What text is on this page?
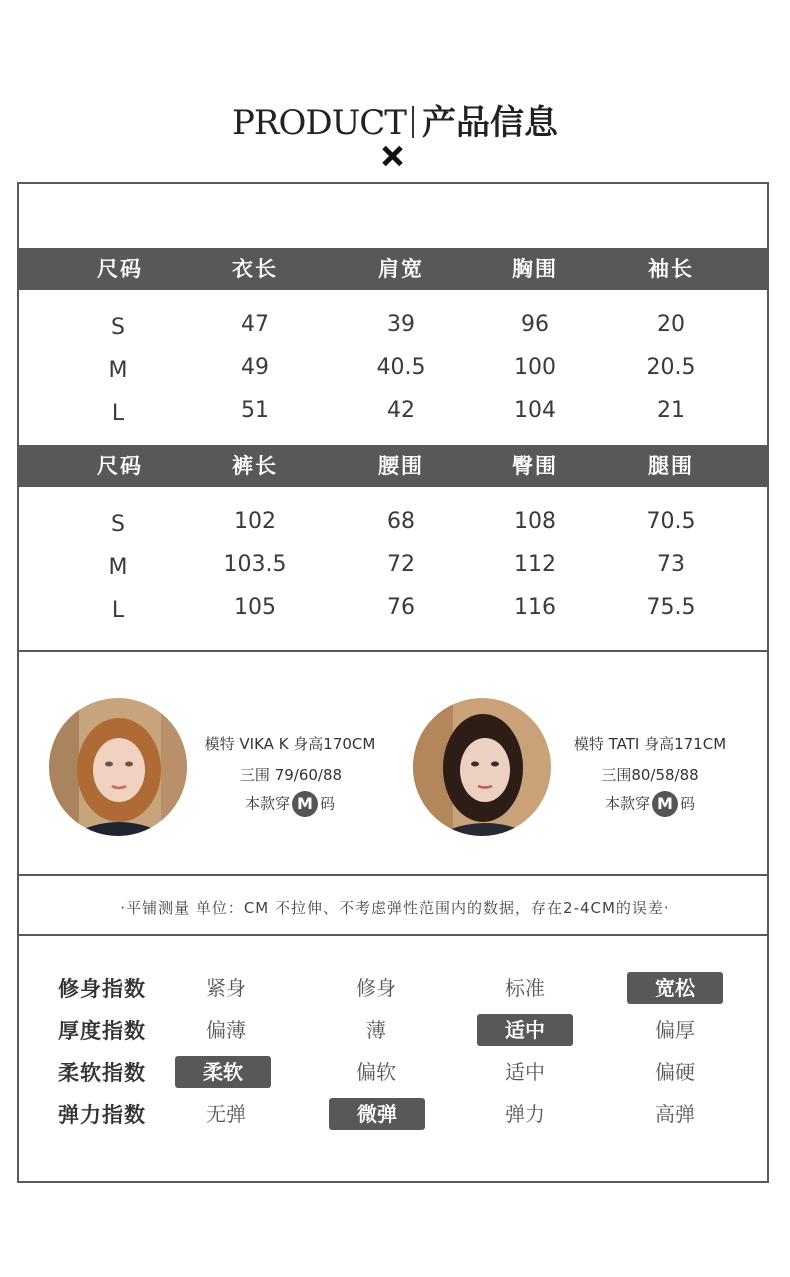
PRODUCT 产品信息
尺码	衣长	肩宽	胸围	袖长
S	47	39	96	20
M	49	40.5	100	20.5
L	51	42	104	21
尺码	裤长	腰围	臀围	腿围
S	102	68	108	70.5
M	103.5	72	112	73
L	105	76	116	75.5
模特 VIKA K 身高170CM
三围 79/60/88
本款穿 M 码
模特 TATI 身高171CM
三围80/58/88
本款穿 M 码
·平铺测量 单位：CM 不拉伸、不考虑弹性范围内的数据，存在2-4CM的误差·
修身指数	紧身	修身	标准	宽松
厚度指数	偏薄	薄	适中	偏厚
柔软指数	柔软	偏软	适中	偏硬
弹力指数	无弹	微弹	弹力	高弹
